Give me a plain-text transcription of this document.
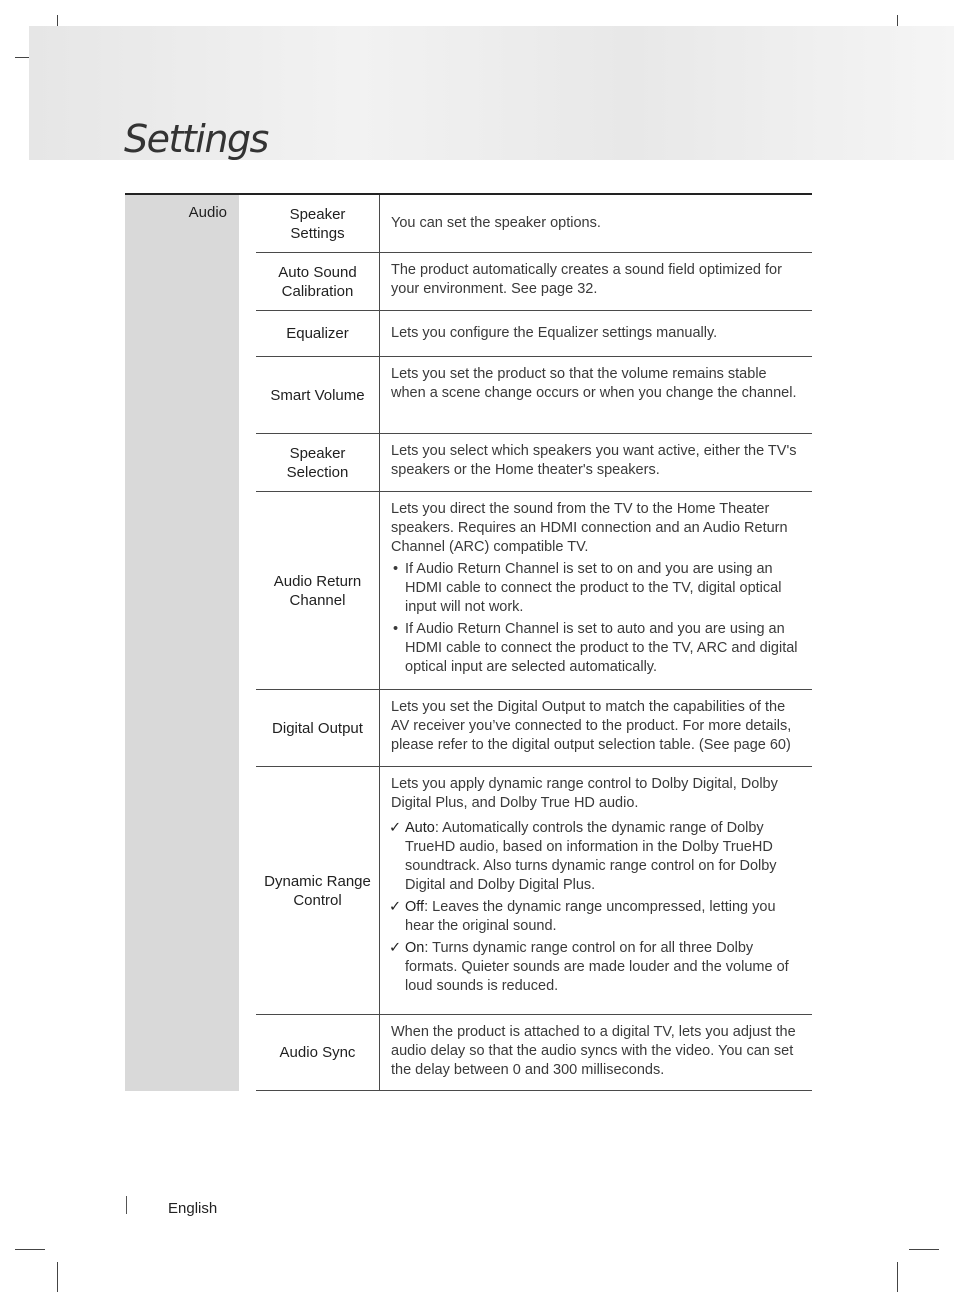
Settings
Audio	Speaker Settings

You can set the speaker options.

Auto Sound Calibration

The product automatically creates a sound field optimized for your environment. See page 32.

Equalizer	Lets you configure the Equalizer settings manually.

Smart Volume

Lets you set the product so that the volume remains stable when a scene change occurs or when you change the channel.

Speaker Selection

Lets you select which speakers you want active, either the TV's speakers or the Home theater's speakers.

Audio Return Channel

Lets you direct the sound from the TV to the Home Theater speakers. Requires an HDMI connection and an Audio Return Channel (ARC) compatible TV.

• If Audio Return Channel is set to on and you are using an HDMI cable to connect the product to the TV, digital optical input will not work.
• If Audio Return Channel is set to auto and you are using an HDMI cable to connect the product to the TV, ARC and digital optical input are selected automatically.
Digital Output

Lets you set the Digital Output to match the capabilities of the AV receiver you’ve connected to the product. For more details, please refer to the digital output selection table. (See page 60)

Dynamic Range Control

Lets you apply dynamic range control to Dolby Digital, Dolby Digital Plus, and Dolby True HD audio.

✓ Auto: Automatically controls the dynamic range of Dolby TrueHD audio, based on information in the Dolby TrueHD soundtrack. Also turns dynamic range control on for Dolby Digital and Dolby Digital Plus.
✓ Off: Leaves the dynamic range uncompressed, letting you hear the original sound.
✓ On: Turns dynamic range control on for all three Dolby formats. Quieter sounds are made louder and the volume of loud sounds is reduced.
Audio Sync

When the product is attached to a digital TV, lets you adjust the audio delay so that the audio syncs with the video. You can set the delay between 0 and 300 milliseconds.

English
